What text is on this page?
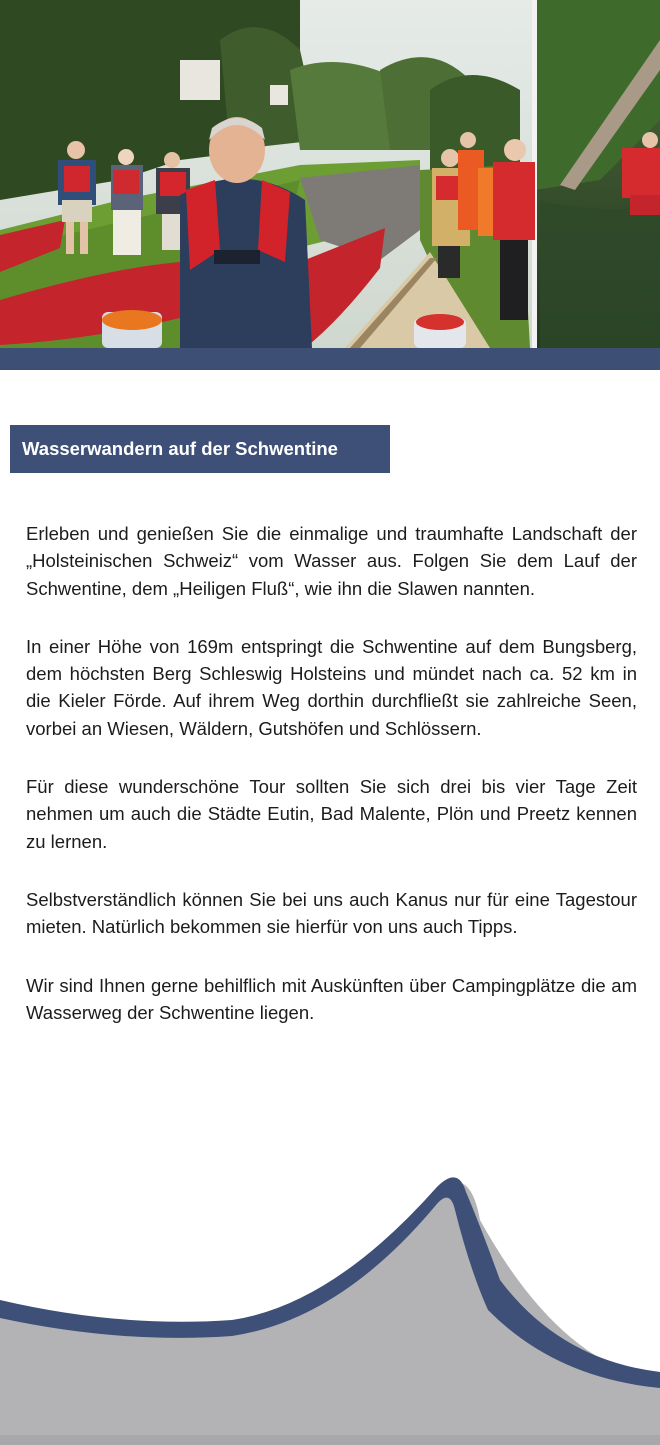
Wasserwandern auf der Schwentine

Erleben und genießen Sie die einmalige und traumhafte Landschaft der „Holsteinischen Schweiz“ vom Wasser aus. Folgen Sie dem Lauf der Schwentine, dem „Heiligen Fluß“, wie ihn die Slawen nannten.

In einer Höhe von 169m entspringt die Schwentine auf dem Bungsberg, dem höchsten Berg Schleswig Holsteins und mündet nach ca. 52 km in die Kieler Förde. Auf ihrem Weg dorthin durchfließt sie zahlreiche Seen, vorbei an Wiesen, Wäldern, Gutshöfen und Schlössern.

Für diese wunderschöne Tour sollten Sie sich drei bis vier Tage Zeit nehmen um auch die Städte Eutin, Bad Malente, Plön und Preetz kennen zu lernen.

Selbstverständlich können Sie bei uns auch Kanus nur für eine Tagestour mieten. Natürlich bekommen sie hierfür von uns auch Tipps.

Wir sind Ihnen gerne behilflich mit Auskünften über Campingplätze die am Wasserweg der Schwentine liegen.
